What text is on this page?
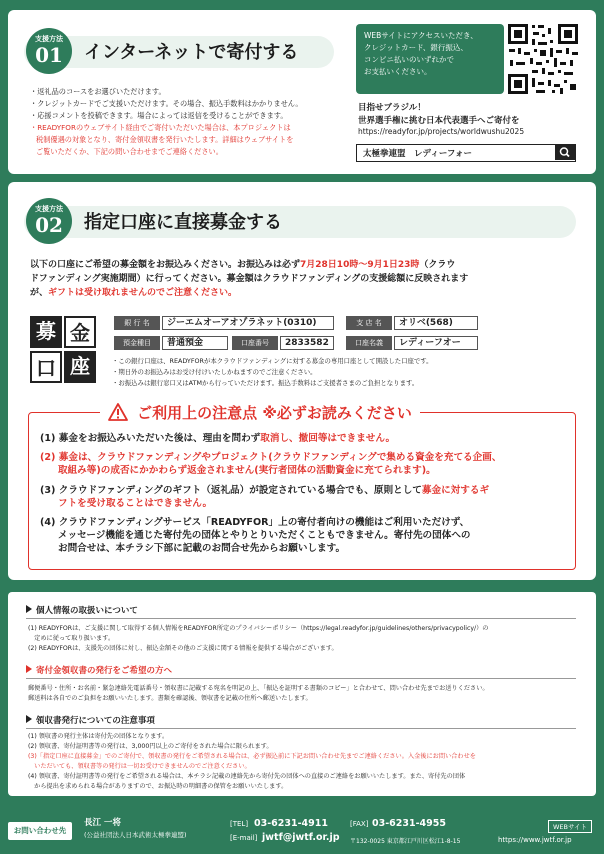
支援方法
01	インターネットで寄付する
・返礼品のコースをお選びいただけます。
・クレジットカードでご支援いただけます。その場合、振込手数料はかかりません。
・応援コメントを投稿できます。場合によっては返信を受けることができます。
・READYFORのウェブサイト経由でご寄付いただいた場合は、本プロジェクトは
税制優遇の対象となり、寄付金領収書を発行いたします。詳細はウェブサイトを
ご覧いただくか、下記の問い合わせまでご連絡ください。
WEBサイトにアクセスいただき、
クレジットカード、銀行振込、
コンビニ払いのいずれかで
お支払いください。
目指せブラジル！
世界選手権に挑む日本代表選手へご寄付を
https://readyfor.jp/projects/worldwushu2025
太極拳連盟　レディーフォー
支援方法
02	指定口座に直接募金する
以下の口座にご希望の募金額をお振込みください。お振込みは必ず7月28日10時〜9月1日23時（クラウ
ドファンディング実施期間）に行ってください。募金額はクラウドファンディングの支援総額に反映されます
が、ギフトは受け取れませんのでご注意ください。
募 金
口 座
銀 行 名	ジーエムオーアオゾラネット(0310)	支 店 名	オリベ(568)
預金種目	普通預金	口座番号	2833582	口座名義	レディーフオー
・この銀行口座は、READYFORが本クラウドファンディングに対する募金の専用口座として開設した口座です。
・期日外のお振込みはお受け付けいたしかねますのでご注意ください。
・お振込みは銀行窓口又はATMから行っていただけます。振込手数料はご支援者さまのご負担となります。
ご利用上の注意点 ※必ずお読みください
(1) 募金をお振込みいただいた後は、理由を問わず取消し、撤回等はできません。
(2) 募金は、クラウドファンディングやプロジェクト(クラウドファンディングで集める資金を充てる企画、
取組み等)の成否にかかわらず返金されません(実行者団体の活動資金に充てられます)。
(3) クラウドファンディングのギフト（返礼品）が設定されている場合でも、原則として募金に対するギ
フトを受け取ることはできません。
(4) クラウドファンディングサービス「READYFOR」上の寄付者向けの機能はご利用いただけず、
メッセージ機能を通じた寄付先の団体とやりとりいただくこともできません。寄付先の団体への
お問合せは、本チラシ下部に記載のお問合せ先からお願いします。
個人情報の取扱いについて
(1) READYFORは、ご支援に関して取得する個人情報をREADYFOR所定のプライバシーポリシー（https://legal.readyfor.jp/guidelines/others/privacypolicy/）の
　定めに従って取り扱います。
(2) READYFORは、支援先の団体に対し、振込金額その他のご支援に関する情報を提供する場合がございます。
寄付金領収書の発行をご希望の方へ
郵便番号・住所・お名前・緊急連絡先電話番号・領収書に記載する宛名を明記の上、「振込を証明する書類のコピー」と合わせて、問い合わせ先までお送りください。
郵送料は各自でのご負担をお願いいたします。書類を確認後、領収書を記載の住所へ郵送いたします。
領収書発行についての注意事項
(1) 領収書の発行主体は寄付先の団体となります。
(2) 領収書、寄付証明書等の発行は、3,000円以上のご寄付をされた場合に限られます。
(3)「指定口座に直接募金」でのご寄付で、領収書の発行をご希望される場合は、必ず振込前に下記お問い合わせ先までご連絡ください。入金後にお問い合わせを
　いただいても、領収書等の発行は一切お受けできませんのでご注意ください。
(4) 領収書、寄付証明書等の発行をご希望される場合は、本チラシ記載の連絡先から寄付先の団体への直接のご連絡をお願いいたします。また、寄付先の団体
　から提出を求められる場合がありますので、お振込時の明細書の保管をお願いいたします。
お問い合わせ先
長江 一将
(公益社団法人日本武術太極拳連盟)
[TEL] 03-6231-4911
[E-mail] jwtf@jwtf.or.jp
[FAX] 03-6231-4955
〒132-0025 東京都江戸川区松江1-8-15
WEBサイト
https://www.jwtf.or.jp
